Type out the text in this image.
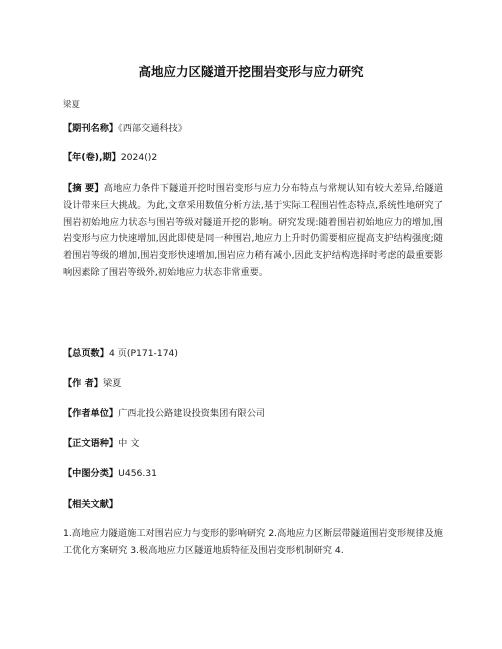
高地应力区隧道开挖围岩变形与应力研究
梁夏
【期刊名称】《西部交通科技》
【年(卷),期】2024()2
【摘 要】高地应力条件下隧道开挖时围岩变形与应力分布特点与常规认知有较大差异,给隧道设计带来巨大挑战。为此,文章采用数值分析方法,基于实际工程围岩性态特点,系统性地研究了围岩初始地应力状态与围岩等级对隧道开挖的影响。研究发现:随着围岩初始地应力的增加,围岩变形与应力快速增加,因此即使是同一种围岩,地应力上升时仍需要相应提高支护结构强度;随着围岩等级的增加,围岩变形快速增加,围岩应力稍有减小,因此支护结构选择时考虑的最重要影响因素除了围岩等级外,初始地应力状态非常重要。
【总页数】4 页(P171-174)
【作 者】梁夏
【作者单位】广西北投公路建设投资集团有限公司
【正文语种】中 文
【中图分类】U456.31
【相关文献】
1.高地应力隧道施工对围岩应力与变形的影响研究 2.高地应力区断层带隧道围岩变形规律及施工优化方案研究 3.极高地应力区隧道地质特征及围岩变形机制研究 4.
